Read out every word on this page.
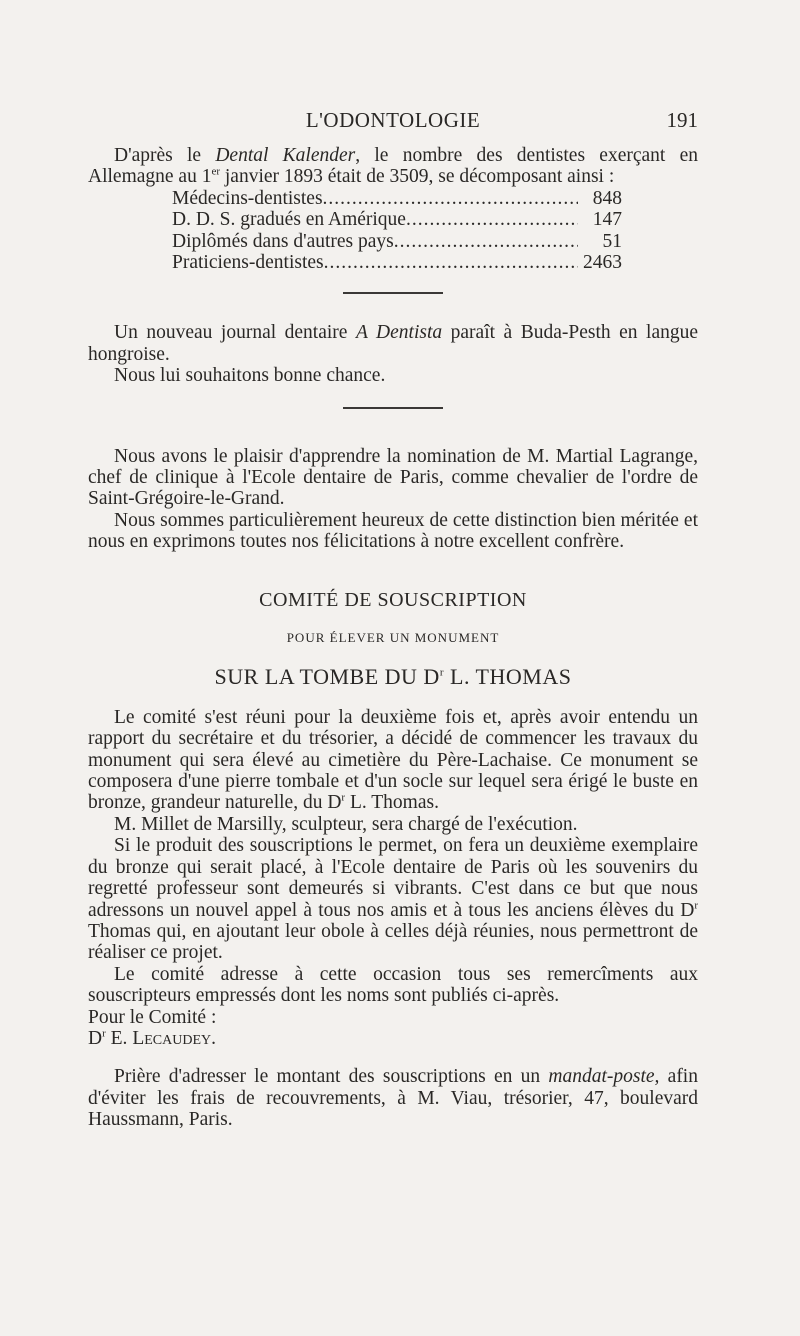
L'ODONTOLOGIE	191

D'après le Dental Kalender, le nombre des dentistes exerçant en Allemagne au 1er janvier 1893 était de 3509, se décomposant ainsi :

Médecins-dentistes .....	848
D. D. S. gradués en Amérique .....	147
Diplômés dans d'autres pays .....	51
Praticiens-dentistes .....	2463

Un nouveau journal dentaire A Dentista paraît à Buda-Pesth en langue hongroise.

Nous lui souhaitons bonne chance.

Nous avons le plaisir d'apprendre la nomination de M. Martial Lagrange, chef de clinique à l'Ecole dentaire de Paris, comme chevalier de l'ordre de Saint-Grégoire-le-Grand.

Nous sommes particulièrement heureux de cette distinction bien méritée et nous en exprimons toutes nos félicitations à notre excellent confrère.

COMITÉ DE SOUSCRIPTION
POUR ÉLEVER UN MONUMENT
SUR LA TOMBE DU $D^r$ L. THOMAS

Le comité s'est réuni pour la deuxième fois et, après avoir entendu un rapport du secrétaire et du trésorier, a décidé de commencer les travaux du monument qui sera élevé au cimetière du Père-Lachaise. Ce monument se composera d'une pierre tombale et d'un socle sur lequel sera érigé le buste en bronze, grandeur naturelle, du $D^r$ L. Thomas.

M. Millet de Marsilly, sculpteur, sera chargé de l'exécution.

Si le produit des souscriptions le permet, on fera un deuxième exemplaire du bronze qui serait placé, à l'Ecole dentaire de Paris où les souvenirs du regretté professeur sont demeurés si vibrants. C'est dans ce but que nous adressons un nouvel appel à tous nos amis et à tous les anciens élèves du $D^r$ Thomas qui, en ajoutant leur obole à celles déjà réunies, nous permettront de réaliser ce projet.

Le comité adresse à cette occasion tous ses remercîments aux souscripteurs empressés dont les noms sont publiés ci-après.

Pour le Comité :

$D^r$ E. Lecaudey.

Prière d'adresser le montant des souscriptions en un mandat-poste, afin d'éviter les frais de recouvrements, à M. Viau, trésorier, 47, boulevard Haussmann, Paris.
